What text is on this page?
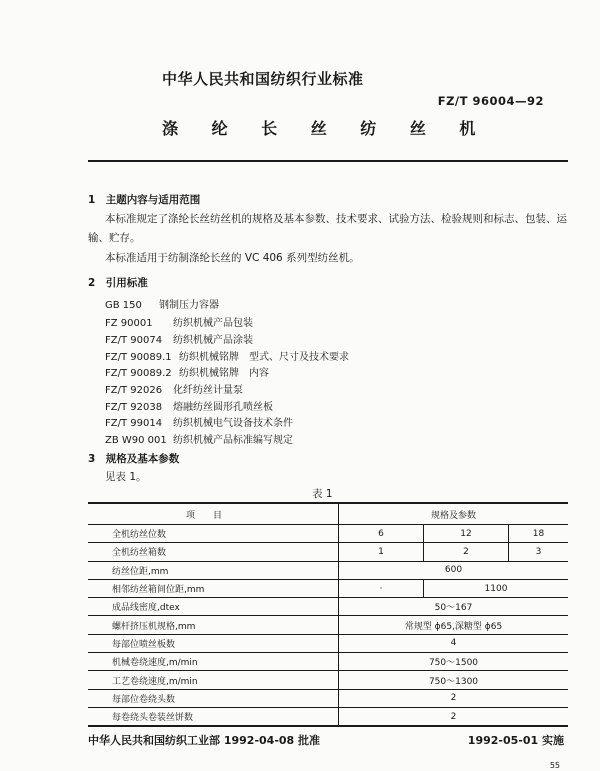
中华人民共和国纺织行业标准
FZ/T 96004—92
涤 纶 长 丝 纺 丝 机
1　主题内容与适用范围
本标准规定了涤纶长丝纺丝机的规格及基本参数、技术要求、试验方法、检验规则和标志、包装、运
输、贮存。
本标准适用于纺制涤纶长丝的 VC 406 系列型纺丝机。
2　引用标准
GB 150 钢制压力容器
FZ 90001 纺织机械产品包装
FZ/T 90074 纺织机械产品涂装
FZ/T 90089.1 纺织机械铭牌　型式、尺寸及技术要求
FZ/T 90089.2 纺织机械铭牌　内容
FZ/T 92026 化纤纺丝计量泵
FZ/T 92038 熔融纺丝圆形孔喷丝板
FZ/T 99014 纺织机械电气设备技术条件
ZB W90 001 纺织机械产品标准编写规定
3　规格及基本参数
见表 1。
表 1
项目	规格及参数		
全机纺丝位数	6	12	18
全机纺丝箱数	1	2	3
纺丝位距,mm	600		
相邻纺丝箱间位距,mm	·	1100	
成品线密度,dtex	50～167		
螺杆挤压机规格,mm	常规型 ϕ65,深糖型 ϕ65		
每部位喷丝板数	4		
机械卷绕速度,m/min	750～1500		
工艺卷绕速度,m/min	750～1300		
每部位卷绕头数	2		
每卷绕头卷装丝饼数	2		
中华人民共和国纺织工业部 1992-04-08 批准	1992-05-01 实施
55
